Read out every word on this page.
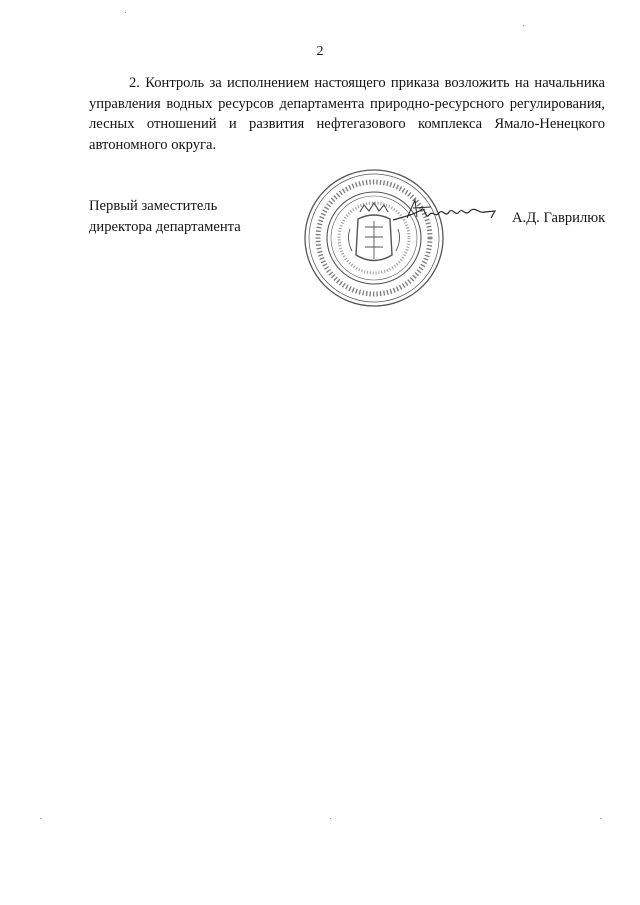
2

2. Контроль за исполнением настоящего приказа возложить на начальника управления водных ресурсов департамента природно-ресурсного регулирования, лесных отношений и развития нефтегазового комплекса Ямало-Ненецкого автономного округа.

Первый заместитель
директора департамента
А.Д. Гаврилюк
